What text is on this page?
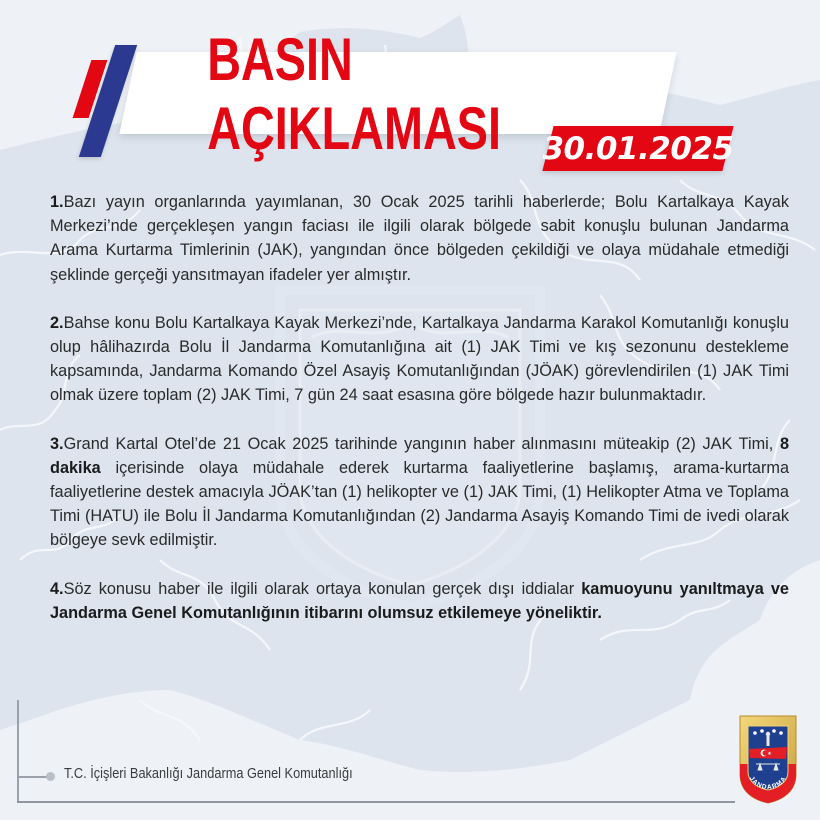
BASIN AÇIKLAMASI	30.01.2025

1.Bazı yayın organlarında yayımlanan, 30 Ocak 2025 tarihli haberlerde; Bolu Kartalkaya Kayak Merkezi’nde gerçekleşen yangın faciası ile ilgili olarak bölgede sabit konuşlu bulunan Jandarma Arama Kurtarma Timlerinin (JAK), yangından önce bölgeden çekildiği ve olaya müdahale etmediği şeklinde gerçeği yansıtmayan ifadeler yer almıştır.

2.Bahse konu Bolu Kartalkaya Kayak Merkezi’nde, Kartalkaya Jandarma Karakol Komutanlığı konuşlu olup hâlihazırda Bolu İl Jandarma Komutanlığına ait (1) JAK Timi ve kış sezonunu destekleme kapsamında, Jandarma Komando Özel Asayiş Komutanlığından (JÖAK) görevlendirilen (1) JAK Timi olmak üzere toplam (2) JAK Timi, 7 gün 24 saat esasına göre bölgede hazır bulunmaktadır.

3.Grand Kartal Otel’de 21 Ocak 2025 tarihinde yangının haber alınmasını müteakip (2) JAK Timi, 8 dakika içerisinde olaya müdahale ederek kurtarma faaliyetlerine başlamış, arama-kurtarma faaliyetlerine destek amacıyla JÖAK’tan (1) helikopter ve (1) JAK Timi, (1) Helikopter Atma ve Toplama Timi (HATU) ile Bolu İl Jandarma Komutanlığından (2) Jandarma Asayiş Komando Timi de ivedi olarak bölgeye sevk edilmiştir.

4.Söz konusu haber ile ilgili olarak ortaya konulan gerçek dışı iddialar kamuoyunu yanıltmaya ve Jandarma Genel Komutanlığının itibarını olumsuz etkilemeye yöneliktir.

T.C. İçişleri Bakanlığı Jandarma Genel Komutanlığı	JANDARMA
